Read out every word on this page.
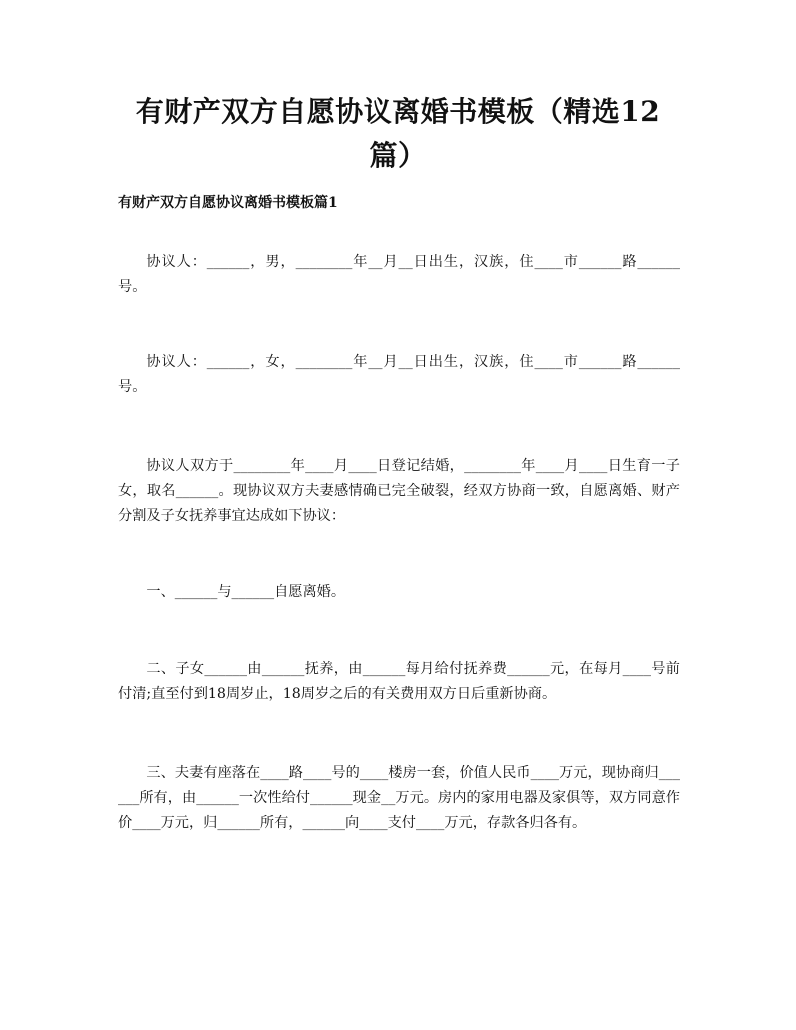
有财产双方自愿协议离婚书模板（精选12篇）
有财产双方自愿协议离婚书模板篇1

协议人：______，男，________年__月__日出生，汉族，住____市______路______号。

协议人：______，女，________年__月__日出生，汉族，住____市______路______号。

协议人双方于________年____月____日登记结婚，________年____月____日生育一子女，取名______。现协议双方夫妻感情确已完全破裂，经双方协商一致，自愿离婚、财产分割及子女抚养事宜达成如下协议：

一、______与______自愿离婚。

二、子女______由______抚养，由______每月给付抚养费______元，在每月____号前付清;直至付到18周岁止，18周岁之后的有关费用双方日后重新协商。

三、夫妻有座落在____路____号的____楼房一套，价值人民币____万元，现协商归______所有，由______一次性给付______现金__万元。房内的家用电器及家俱等，双方同意作价____万元，归______所有，______向____支付____万元，存款各归各有。
